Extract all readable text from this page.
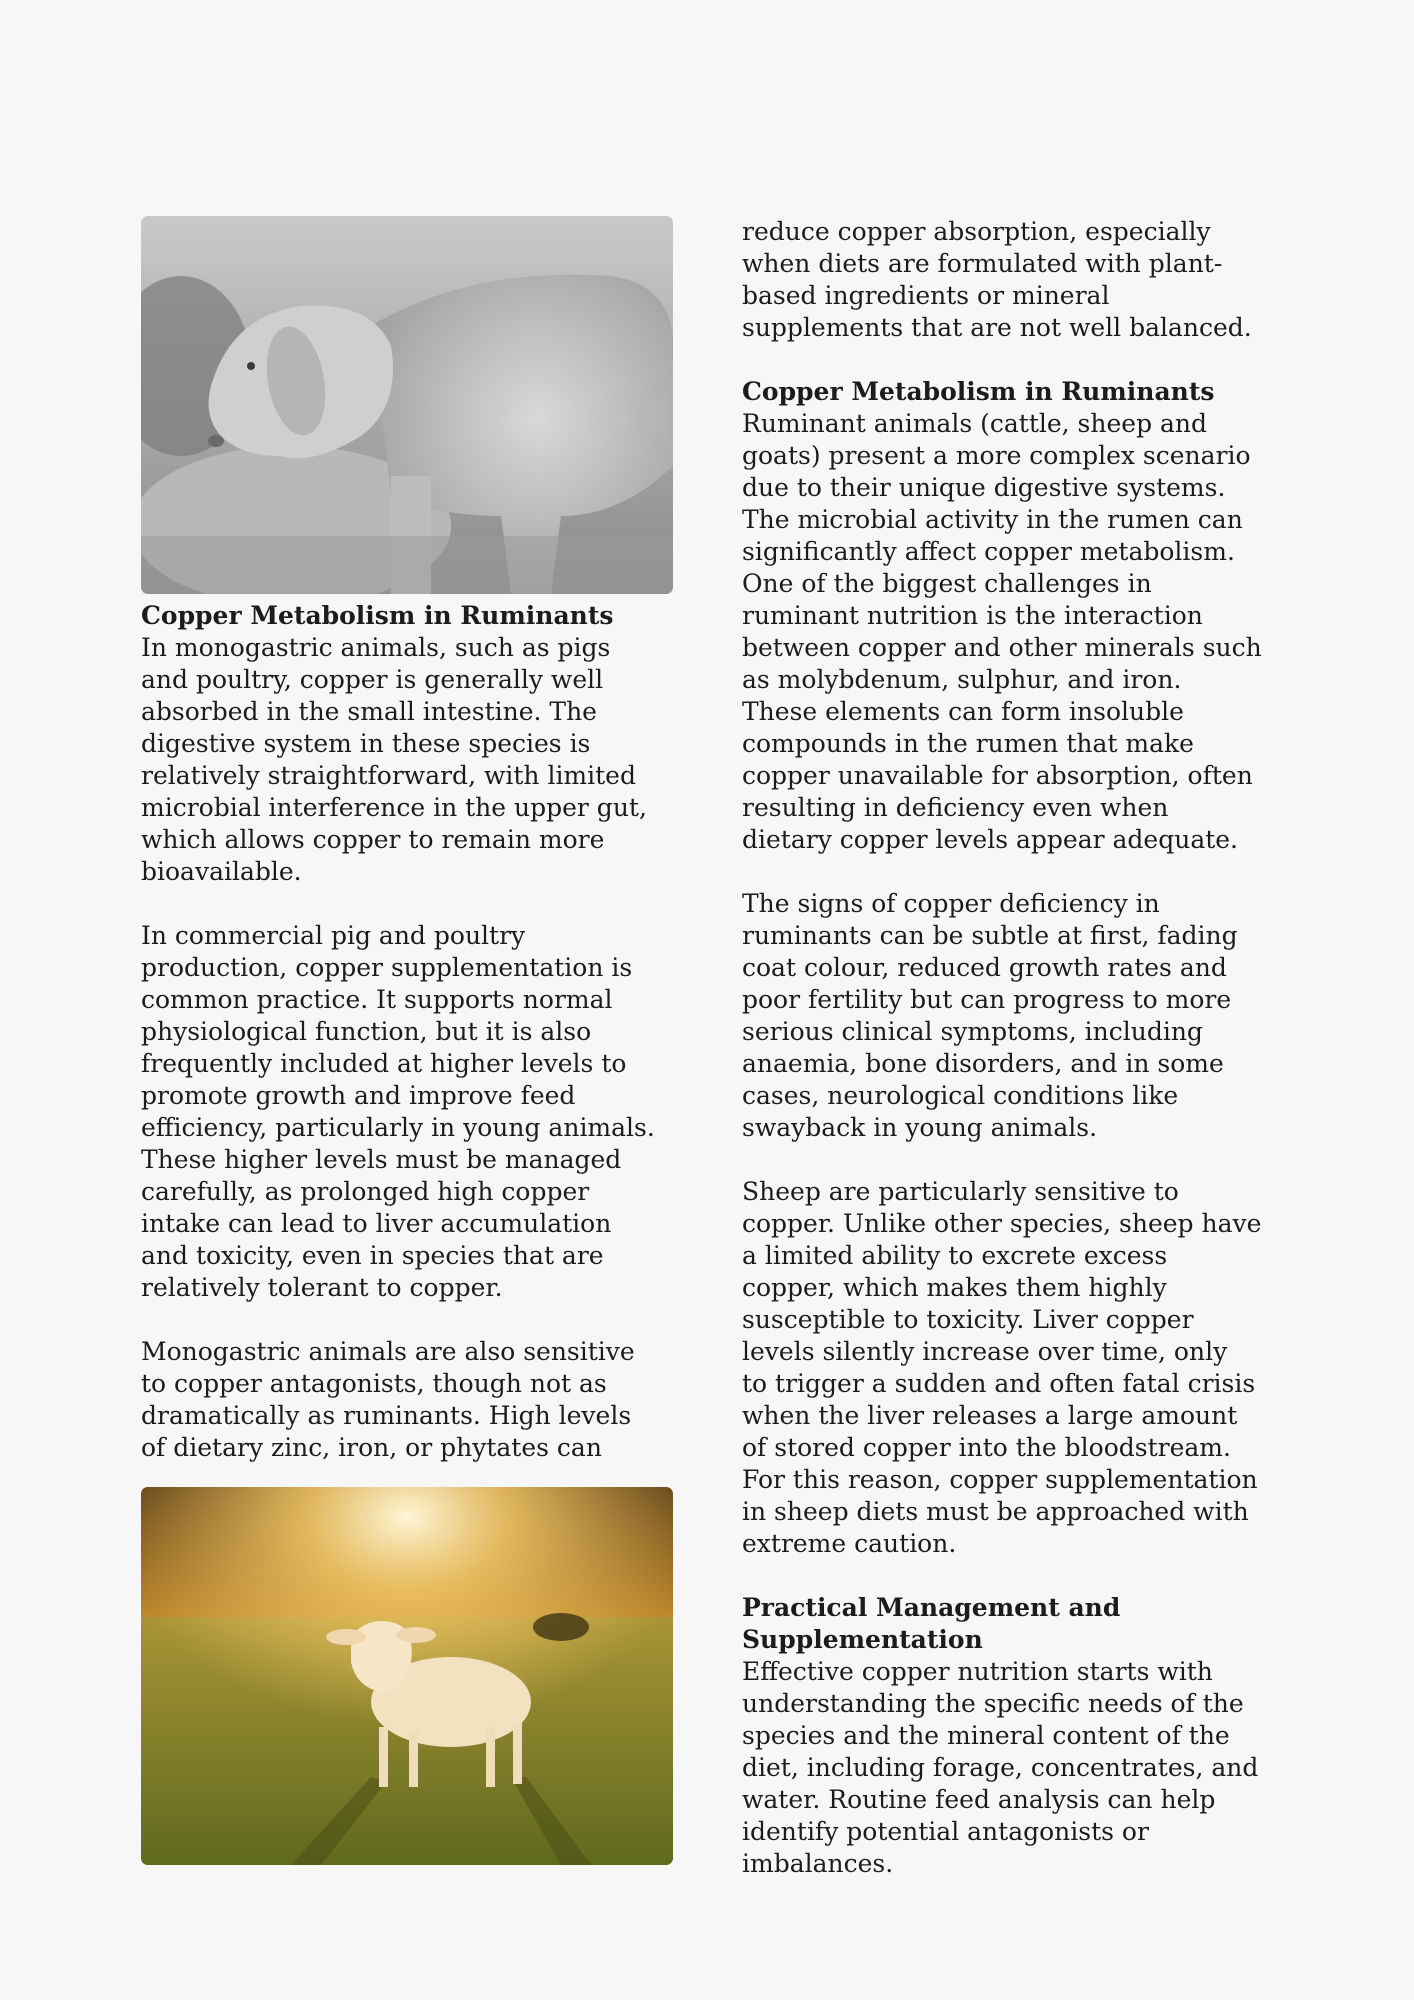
Copper Metabolism in Ruminants

In monogastric animals, such as pigs
and poultry, copper is generally well
absorbed in the small intestine. The
digestive system in these species is
relatively straightforward, with limited
microbial interference in the upper gut,
which allows copper to remain more
bioavailable.

In commercial pig and poultry
production, copper supplementation is
common practice. It supports normal
physiological function, but it is also
frequently included at higher levels to
promote growth and improve feed
efficiency, particularly in young animals.
These higher levels must be managed
carefully, as prolonged high copper
intake can lead to liver accumulation
and toxicity, even in species that are
relatively tolerant to copper.

Monogastric animals are also sensitive
to copper antagonists, though not as
dramatically as ruminants. High levels
of dietary zinc, iron, or phytates can

reduce copper absorption, especially
when diets are formulated with plant-
based ingredients or mineral
supplements that are not well balanced.

Copper Metabolism in Ruminants

Ruminant animals (cattle, sheep and
goats) present a more complex scenario
due to their unique digestive systems.
The microbial activity in the rumen can
significantly affect copper metabolism.
One of the biggest challenges in
ruminant nutrition is the interaction
between copper and other minerals such
as molybdenum, sulphur, and iron.
These elements can form insoluble
compounds in the rumen that make
copper unavailable for absorption, often
resulting in deficiency even when
dietary copper levels appear adequate.

The signs of copper deficiency in
ruminants can be subtle at first, fading
coat colour, reduced growth rates and
poor fertility but can progress to more
serious clinical symptoms, including
anaemia, bone disorders, and in some
cases, neurological conditions like
swayback in young animals.

Sheep are particularly sensitive to
copper. Unlike other species, sheep have
a limited ability to excrete excess
copper, which makes them highly
susceptible to toxicity. Liver copper
levels silently increase over time, only
to trigger a sudden and often fatal crisis
when the liver releases a large amount
of stored copper into the bloodstream.
For this reason, copper supplementation
in sheep diets must be approached with
extreme caution.

Practical Management and
Supplementation

Effective copper nutrition starts with
understanding the specific needs of the
species and the mineral content of the
diet, including forage, concentrates, and
water. Routine feed analysis can help
identify potential antagonists or
imbalances.
